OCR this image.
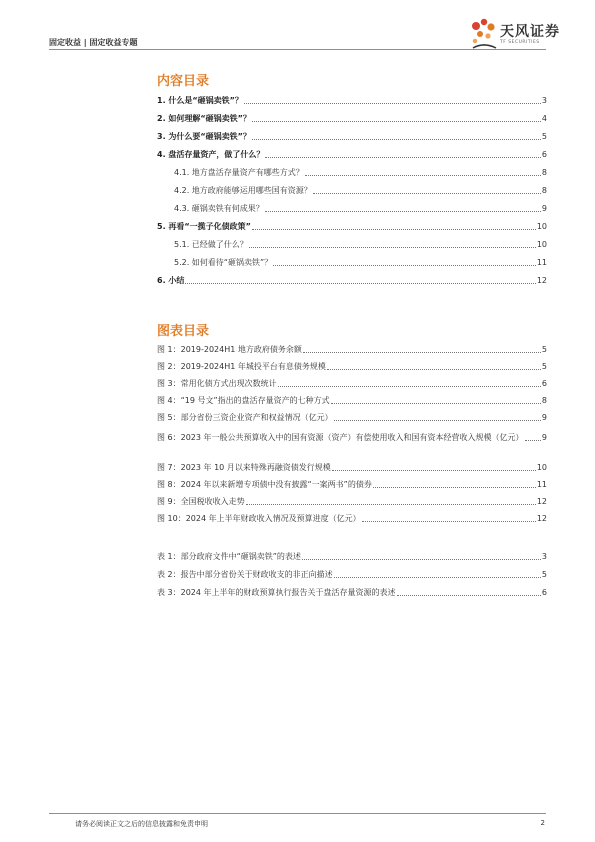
固定收益 | 固定收益专题
天风证券
TF SECURITIES
内容目录
1. 什么是“砸锅卖铁”？	3
2. 如何理解“砸锅卖铁”？	4
3. 为什么要“砸锅卖铁”？	5
4. 盘活存量资产，做了什么？	6
4.1. 地方盘活存量资产有哪些方式？	8
4.2. 地方政府能够运用哪些国有资源？	8
4.3. 砸锅卖铁有何成果？	9
5. 再看“一揽子化债政策”	10
5.1. 已经做了什么？	10
5.2. 如何看待“砸锅卖铁”？	11
6. 小结	12
图表目录
图 1：2019-2024H1 地方政府债务余额	5
图 2：2019-2024H1 年城投平台有息债务规模	5
图 3：常用化债方式出现次数统计	6
图 4：“19 号文”指出的盘活存量资产的七种方式	8
图 5：部分省份三资企业资产和权益情况（亿元）	9
图 6：2023 年一般公共预算收入中的国有资源（资产）有偿使用收入和国有资本经营收入规模（亿元） 9
图 7：2023 年 10 月以来特殊再融资债发行规模	10
图 8：2024 年以来新增专项债中没有披露“一案两书”的债券	11
图 9：全国税收收入走势	12
图 10：2024 年上半年财政收入情况及预算进度（亿元）	12
表 1：部分政府文件中“砸锅卖铁”的表述	3
表 2：报告中部分省份关于财政收支的非正向描述	5
表 3：2024 年上半年的财政预算执行报告关于盘活存量资源的表述	6
请务必阅读正文之后的信息披露和免责申明	2
